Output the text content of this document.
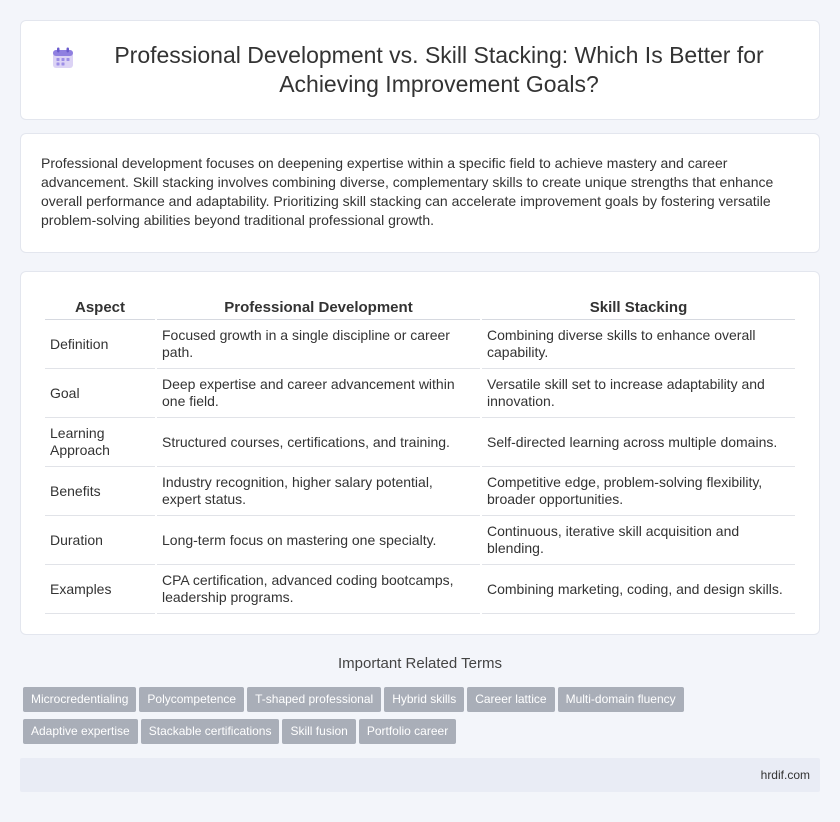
Professional Development vs. Skill Stacking: Which Is Better for Achieving Improvement Goals?

Professional development focuses on deepening expertise within a specific field to achieve mastery and career advancement. Skill stacking involves combining diverse, complementary skills to create unique strengths that enhance overall performance and adaptability. Prioritizing skill stacking can accelerate improvement goals by fostering versatile problem-solving abilities beyond traditional professional growth.

Aspect	Professional Development	Skill Stacking
Definition	Focused growth in a single discipline or career path.	Combining diverse skills to enhance overall capability.
Goal	Deep expertise and career advancement within one field.	Versatile skill set to increase adaptability and innovation.
Learning Approach	Structured courses, certifications, and training.	Self-directed learning across multiple domains.
Benefits	Industry recognition, higher salary potential, expert status.	Competitive edge, problem-solving flexibility, broader opportunities.
Duration	Long-term focus on mastering one specialty.	Continuous, iterative skill acquisition and blending.
Examples	CPA certification, advanced coding bootcamps, leadership programs.	Combining marketing, coding, and design skills.
Important Related Terms
Microcredentialing Polycompetence T-shaped professional Hybrid skills Career lattice Multi-domain fluency
Adaptive expertise Stackable certifications Skill fusion Portfolio career
hrdif.com
